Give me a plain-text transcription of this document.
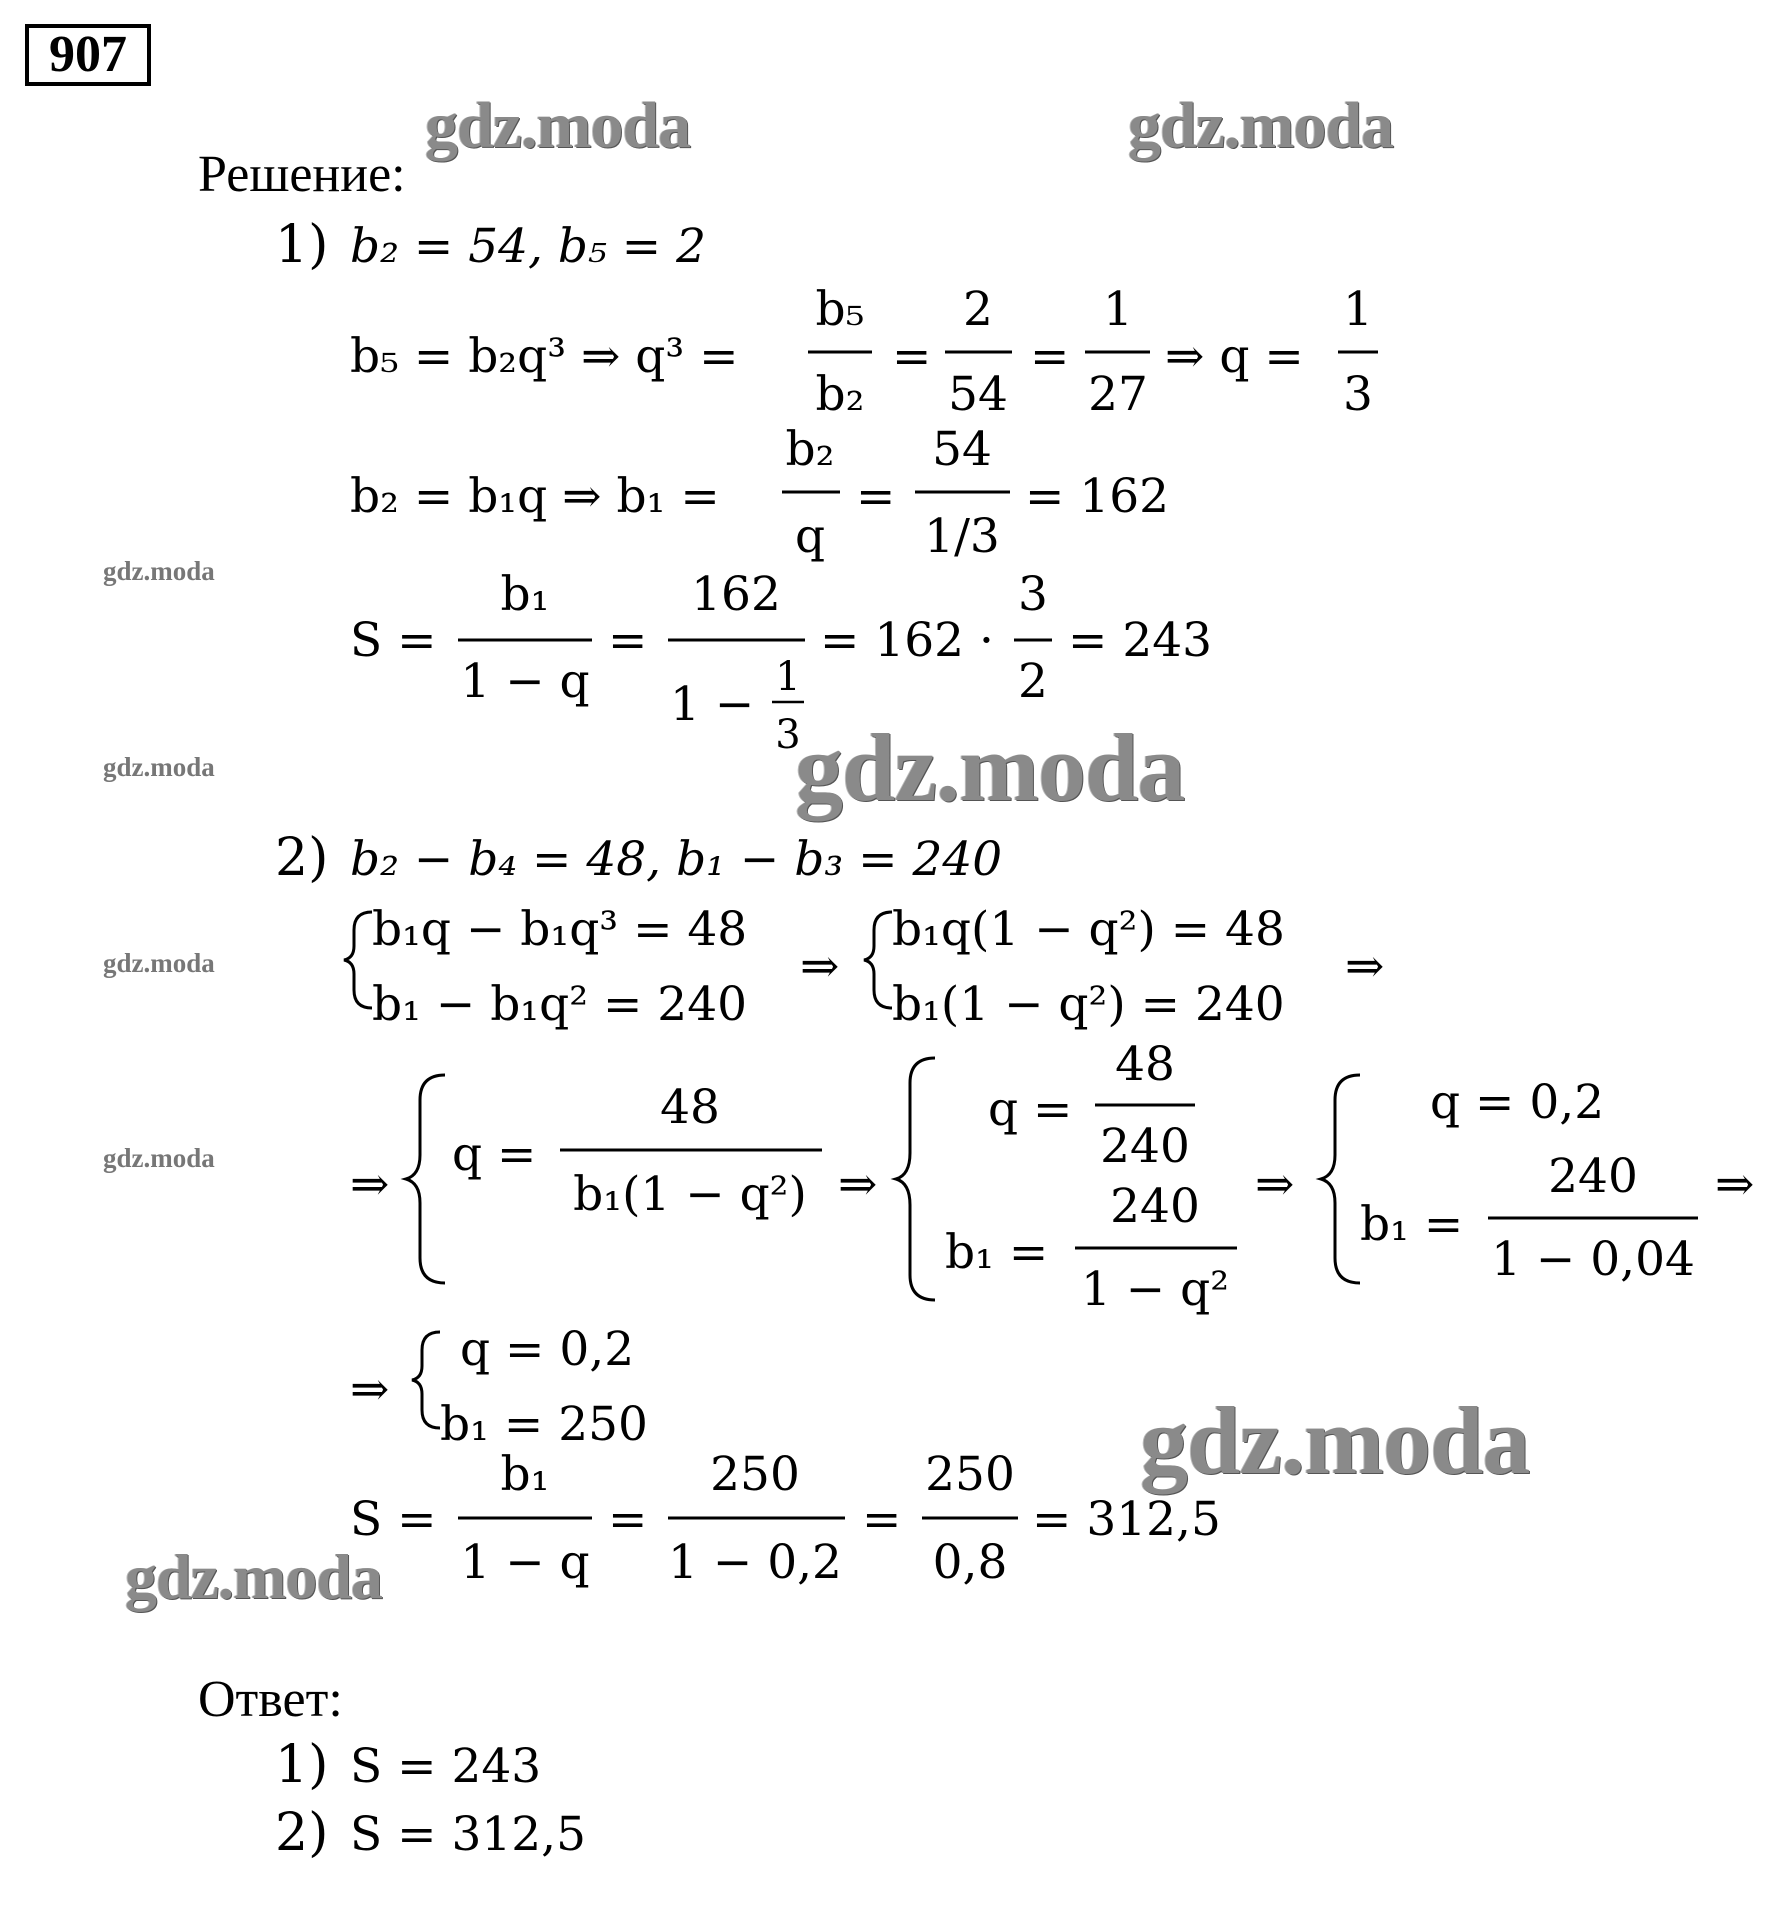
907
gdz.moda	gdz.moda
gdz.moda
gdz.moda
gdz.moda
gdz.moda
gdz.moda
gdz.moda
gdz.moda
Решение:
1) b₂ = 54, b₅ = 2
b₅ = b₂q³ ⇒ q³ =
b₅
b₂
=
2
54
=
1
27
⇒ q =
1
3
b₂ = b₁q ⇒ b₁ =
b₂
q
=
54
1/3
= 162
S =
b₁
1 − q
=
162
1 − 1
3
= 162 ·
3
2
= 243
2) b₂ − b₄ = 48, b₁ − b₃ = 240
b₁q − b₁q³ = 48
b₁ − b₁q² = 240
⇒
b₁q(1 − q²) = 48
b₁(1 − q²) = 240
⇒
⇒
q =
48
b₁(1 − q²) ⇒
q =
48
240
b₁ =
240
1 − q²
⇒
q = 0,2
b₁ =
240
1 − 0,04
⇒
⇒
q = 0,2
b₁ = 250
S =
b₁
1 − q
=
250
1 − 0,2
=
250
0,8
= 312,5
1) S = 243
2) S = 312,5
Ответ:
